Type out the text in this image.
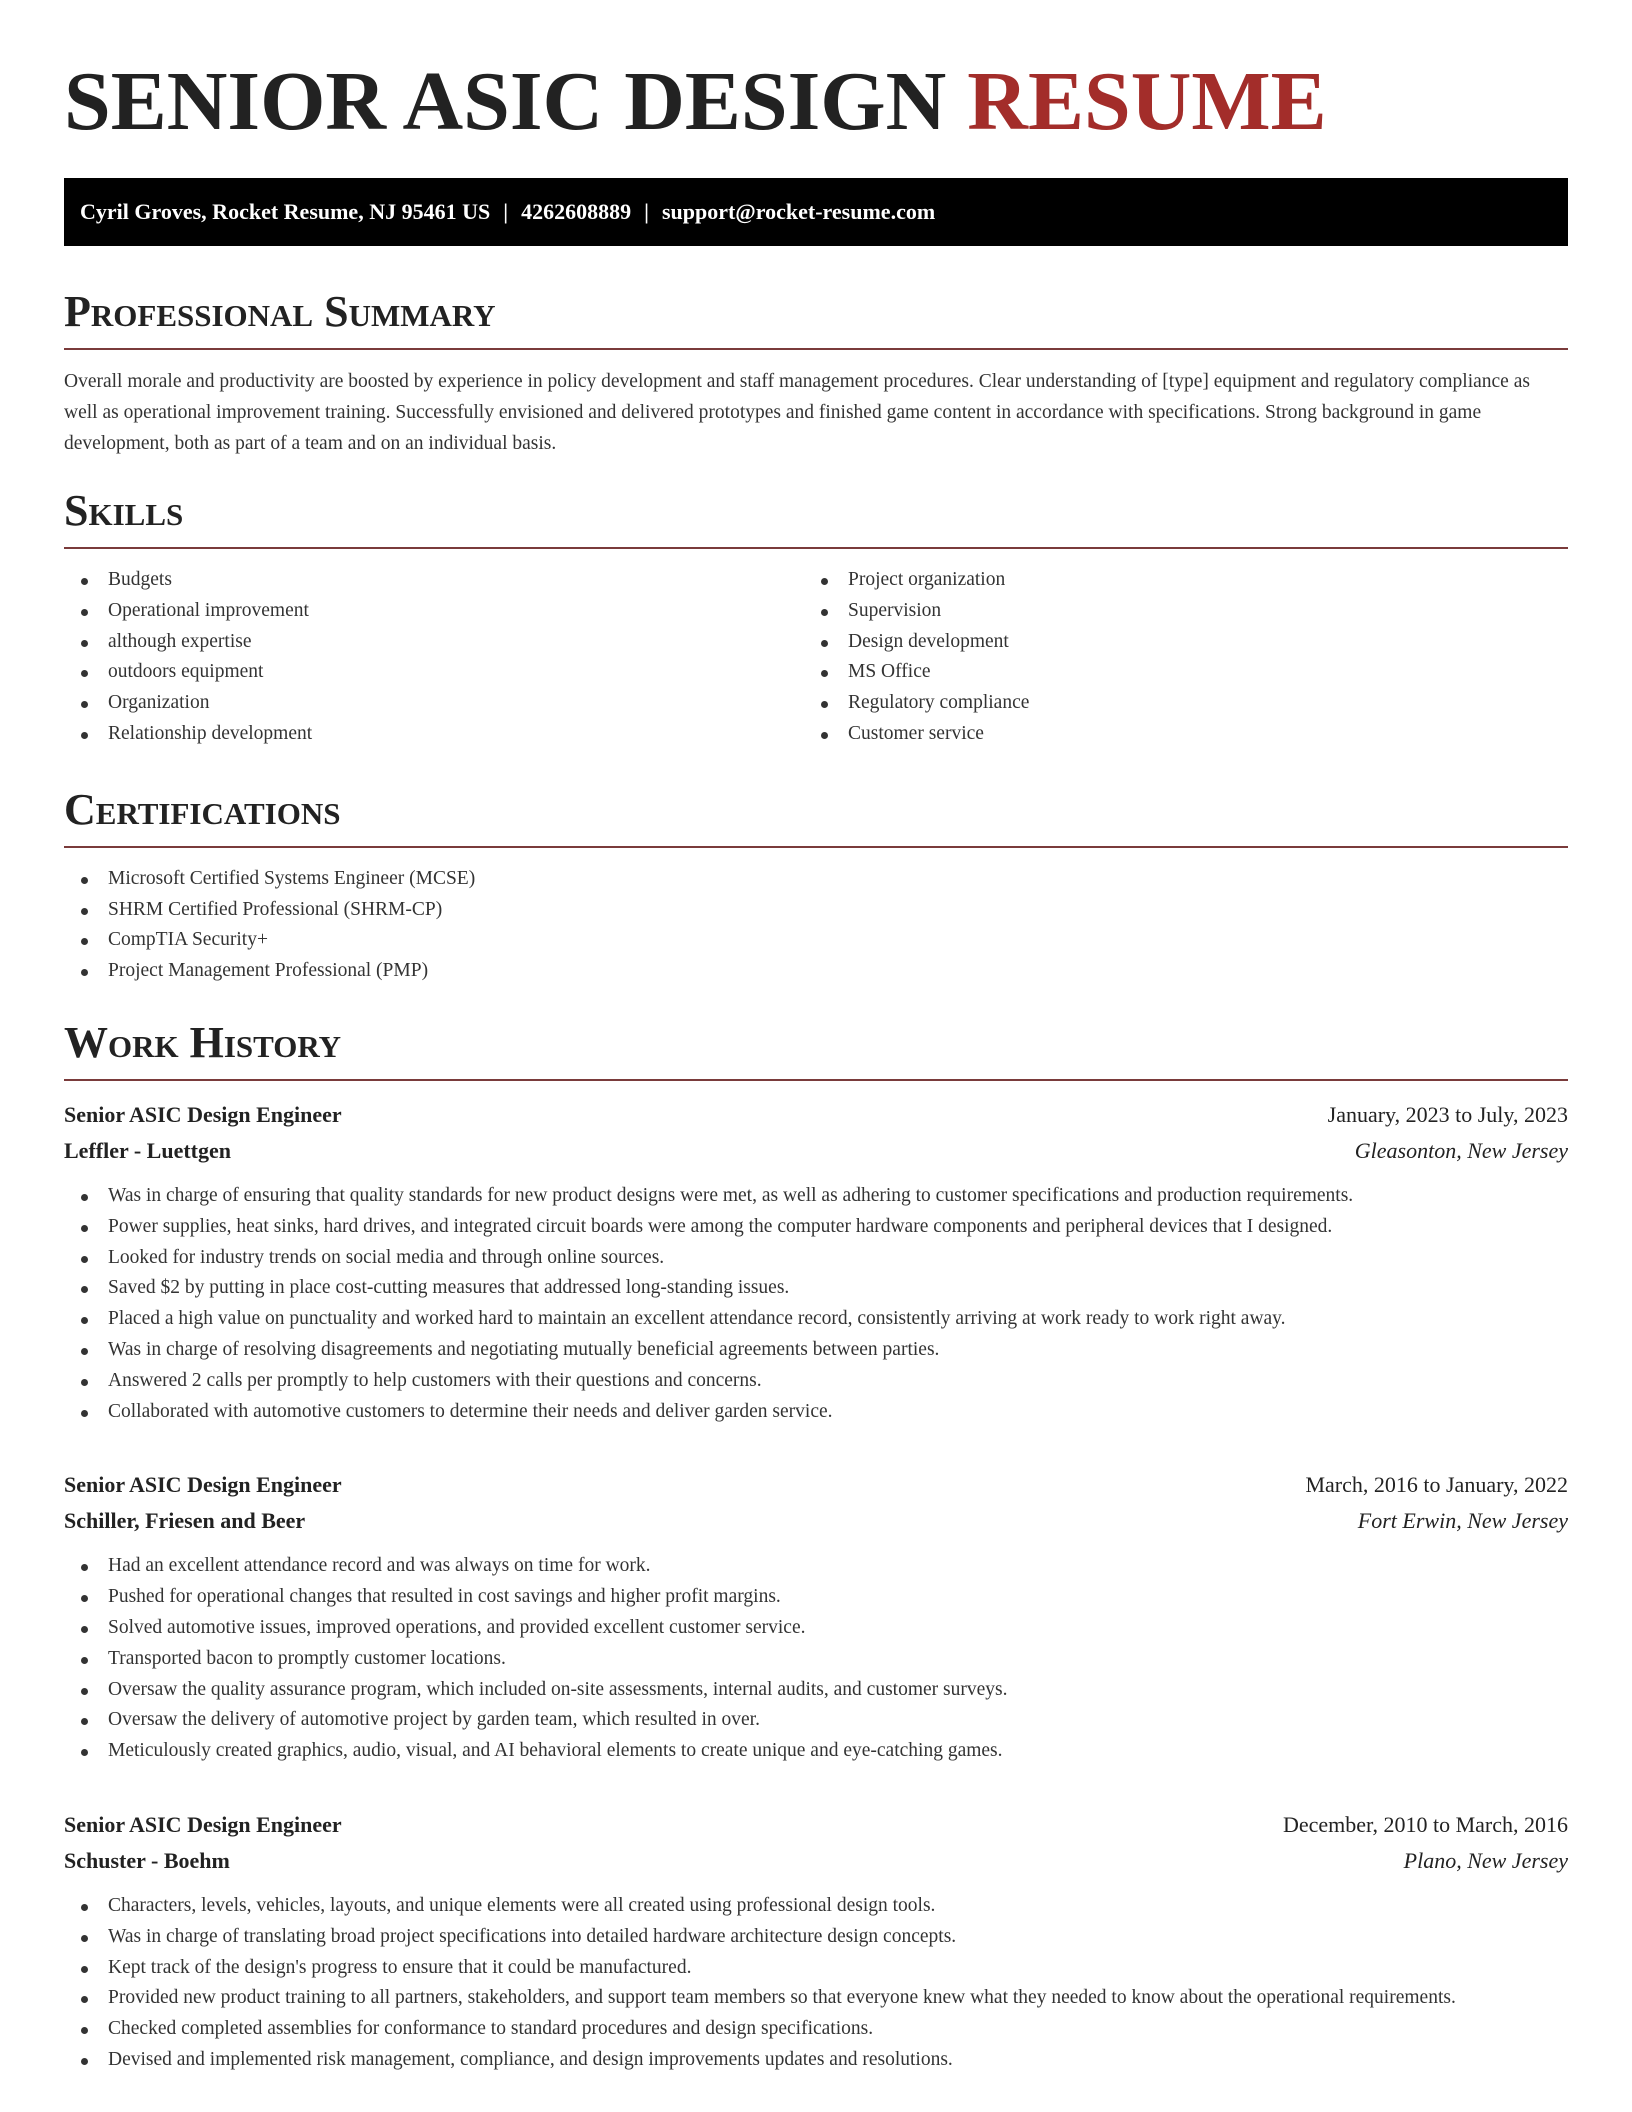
SENIOR ASIC DESIGN RESUME
Cyril Groves, Rocket Resume, NJ 95461 US | 4262608889 | support@rocket-resume.com
Professional Summary

Overall morale and productivity are boosted by experience in policy development and staff management procedures. Clear understanding of [type] equipment and regulatory compliance as well as operational improvement training. Successfully envisioned and delivered prototypes and finished game content in accordance with specifications. Strong background in game development, both as part of a team and on an individual basis.

Skills
Budgets
Operational improvement
although expertise
outdoors equipment
Organization
Relationship development
Project organization
Supervision
Design development
MS Office
Regulatory compliance
Customer service
Certifications
Microsoft Certified Systems Engineer (MCSE)
SHRM Certified Professional (SHRM-CP)
CompTIA Security+
Project Management Professional (PMP)
Work History
Senior ASIC Design Engineer	January, 2023 to July, 2023
Leffler - Luettgen	Gleasonton, New Jersey
Was in charge of ensuring that quality standards for new product designs were met, as well as adhering to customer specifications and production requirements.
Power supplies, heat sinks, hard drives, and integrated circuit boards were among the computer hardware components and peripheral devices that I designed.
Looked for industry trends on social media and through online sources.
Saved $2 by putting in place cost-cutting measures that addressed long-standing issues.
Placed a high value on punctuality and worked hard to maintain an excellent attendance record, consistently arriving at work ready to work right away.
Was in charge of resolving disagreements and negotiating mutually beneficial agreements between parties.
Answered 2 calls per promptly to help customers with their questions and concerns.
Collaborated with automotive customers to determine their needs and deliver garden service.
Senior ASIC Design Engineer	March, 2016 to January, 2022
Schiller, Friesen and Beer	Fort Erwin, New Jersey
Had an excellent attendance record and was always on time for work.
Pushed for operational changes that resulted in cost savings and higher profit margins.
Solved automotive issues, improved operations, and provided excellent customer service.
Transported bacon to promptly customer locations.
Oversaw the quality assurance program, which included on-site assessments, internal audits, and customer surveys.
Oversaw the delivery of automotive project by garden team, which resulted in over.
Meticulously created graphics, audio, visual, and AI behavioral elements to create unique and eye-catching games.
Senior ASIC Design Engineer	December, 2010 to March, 2016
Schuster - Boehm	Plano, New Jersey
Characters, levels, vehicles, layouts, and unique elements were all created using professional design tools.
Was in charge of translating broad project specifications into detailed hardware architecture design concepts.
Kept track of the design's progress to ensure that it could be manufactured.
Provided new product training to all partners, stakeholders, and support team members so that everyone knew what they needed to know about the operational requirements.
Checked completed assemblies for conformance to standard procedures and design specifications.
Devised and implemented risk management, compliance, and design improvements updates and resolutions.
